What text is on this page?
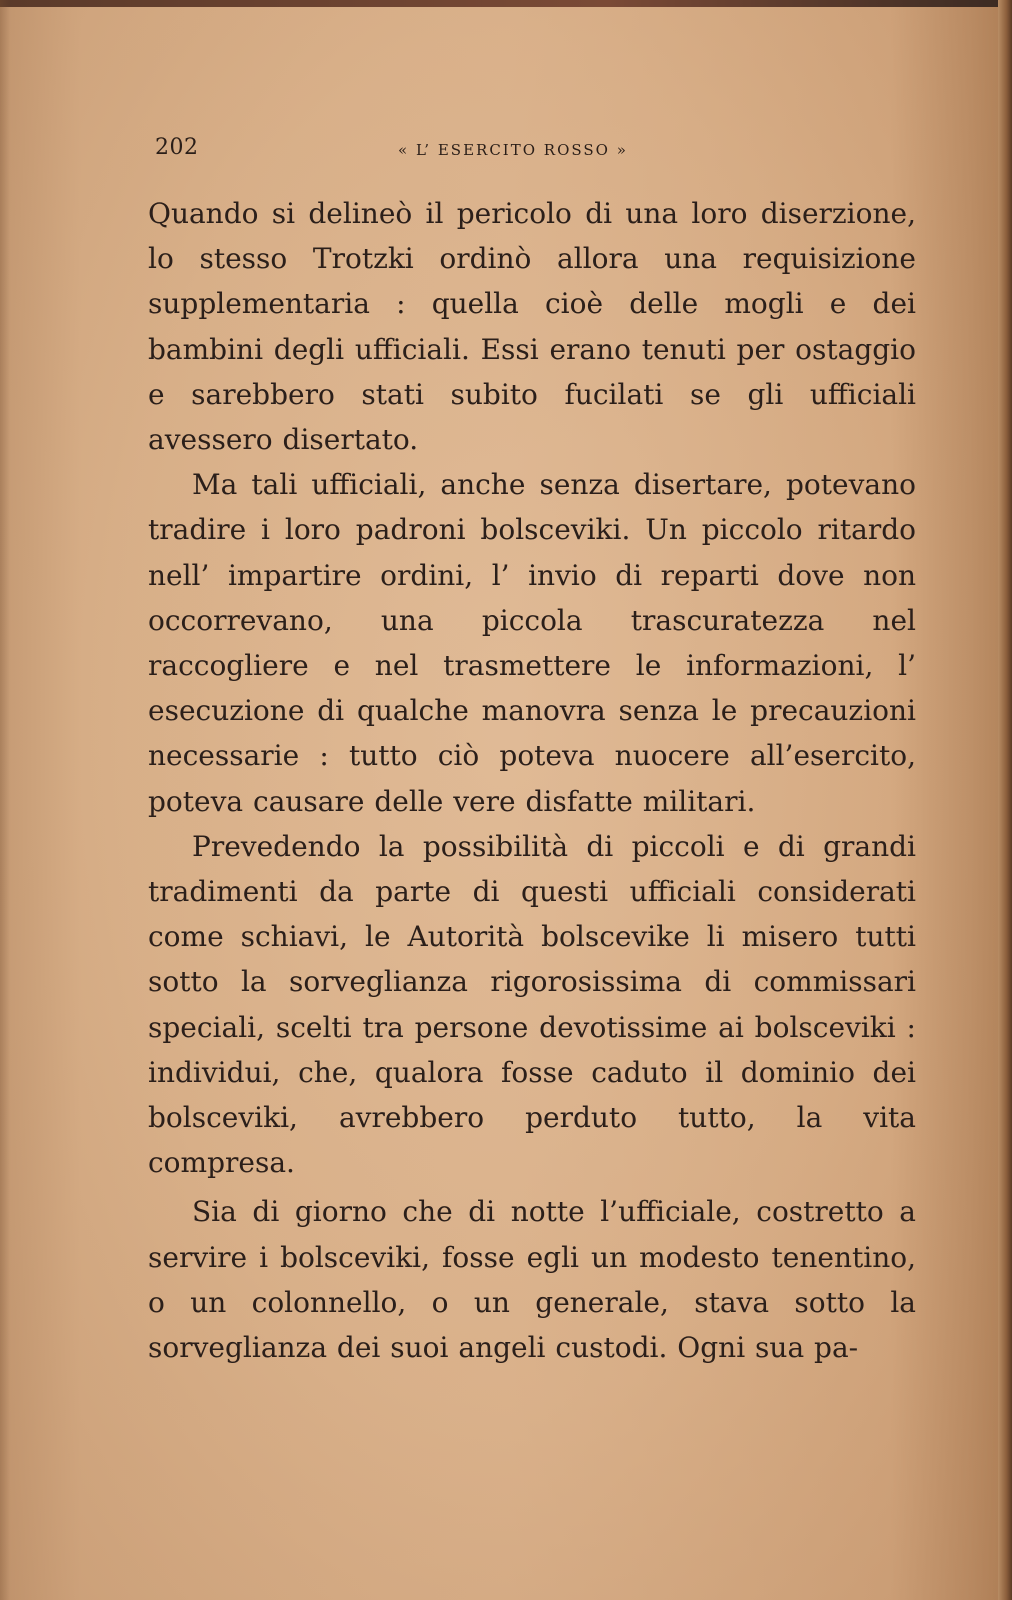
202	« L’ ESERCITO ROSSO »

Quando si delineò il pericolo di una loro diserzione, lo stesso Trotzki ordinò allora una requisizione supplementaria : quella cioè delle mogli e dei bambini degli ufficiali. Essi erano tenuti per ostaggio e sarebbero stati subito fucilati se gli ufficiali avessero disertato.

Ma tali ufficiali, anche senza disertare, potevano tradire i loro padroni bolsceviki. Un piccolo ritardo nell’ impartire ordini, l’ invio di reparti dove non occorrevano, una piccola trascuratezza nel raccogliere e nel trasmettere le informazioni, l’ esecuzione di qualche manovra senza le precauzioni necessarie : tutto ciò poteva nuocere all’esercito, poteva causare delle vere disfatte militari.

Prevedendo la possibilità di piccoli e di grandi tradimenti da parte di questi ufficiali considerati come schiavi, le Autorità bolscevike li misero tutti sotto la sorveglianza rigorosissima di commissari speciali, scelti tra persone devotissime ai bolsceviki : individui, che, qualora fosse caduto il dominio dei bolsceviki, avrebbero perduto tutto, la vita compresa.

Sia di giorno che di notte l’ufficiale, costretto a servire i bolsceviki, fosse egli un modesto tenentino, o un colonnello, o un generale, stava sotto la sorveglianza dei suoi angeli custodi. Ogni sua pa-
